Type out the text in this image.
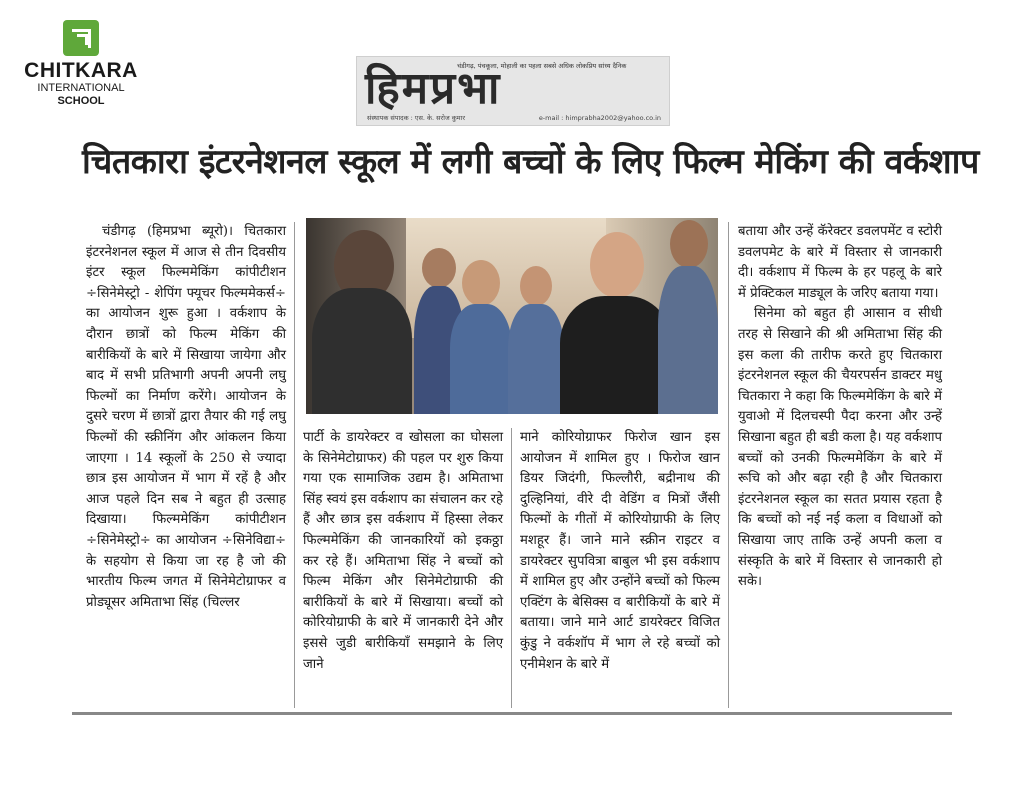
CHITKARA
INTERNATIONAL
SCHOOL
चंडीगढ़, पंचकूला, मोहाली का पहला सबसे अधिक लोकप्रिय सांध्य दैनिक
हिमप्रभा
संस्थापक संपादक : एस. के. सरोज कुमार	e-mail : himprabha2002@yahoo.co.in
चितकारा इंटरनेशनल स्कूल में लगी बच्चों के लिए फिल्म मेकिंग की वर्कशाप

चंडीगढ़ (हिमप्रभा ब्यूरो)। चितकारा इंटरनेशनल स्कूल में आज से तीन दिवसीय इंटर स्कूल फिल्ममेकिंग कांपीटीशन ÷सिनेमेस्ट्रो - शेपिंग फ्यूचर फिल्ममेकर्स÷ का आयोजन शुरू हुआ । वर्कशाप के दौरान छात्रों को फिल्म मेकिंग की बारीकियों के बारे में सिखाया जायेगा और बाद में सभी प्रतिभागी अपनी अपनी लघु फिल्मों का निर्माण करेंगे। आयोजन के दुसरे चरण में छात्रों द्वारा तैयार की गई लघु फिल्मों की स्क्रीनिंग और आंकलन किया जाएगा । 14 स्कूलों के 250 से ज्यादा छात्र इस आयोजन में भाग में रहें है और आज पहले दिन सब ने बहुत ही उत्साह दिखाया। फिल्ममेकिंग कांपीटीशन ÷सिनेमेस्ट्रो÷ का आयोजन ÷सिनेविद्या÷ के सहयोग से किया जा रह है जो की भारतीय फिल्म जगत में सिनेमेटोग्राफर व प्रोड्यूसर अमिताभा सिंह (चिल्लर

पार्टी के डायरेक्टर व खोसला का घोसला के सिनेमेटोग्राफर) की पहल पर शुरु किया गया एक सामाजिक उद्यम है। अमिताभा सिंह स्वयं इस वर्कशाप का संचालन कर रहे हैं और छात्र इस वर्कशाप में हिस्सा लेकर फिल्ममेकिंग की जानकारियों को इकठ्ठा कर रहे हैं। अमिताभा सिंह ने बच्चों को फिल्म मेकिंग और सिनेमेटोग्राफी की बारीकियों के बारे में सिखाया। बच्चों को कोरियोग्राफी के बारे में जानकारी देने और इससे जुडी बारीकियाँ समझाने के लिए जाने

माने कोरियोग्राफर फिरोज खान इस आयोजन में शामिल हुए । फिरोज खान डियर जिदंगी, फिल्लौरी, बद्रीनाथ की दुल्हिनियां, वीरे दी वेडिंग व मित्रों जैंसी फिल्मों के गीतों में कोरियोग्राफी के लिए मशहूर हैं। जाने माने स्क्रीन राइटर व डायरेक्टर सुपवित्रा बाबुल भी इस वर्कशाप में शामिल हुए और उन्होंने बच्चों को फिल्म एक्टिंग के बेसिक्स व बारीकियों के बारे में बताया। जाने माने आर्ट डायरेक्टर विजित कुंडु ने वर्कशॉप में भाग ले रहे बच्चों को एनीमेशन के बारे में

बताया और उन्हें कॅरेक्टर डवलपमेंट व स्टोरी डवलपमेट के बारे में विस्तार से जानकारी दी। वर्कशाप में फिल्म के हर पहलू के बारे में प्रेक्टिकल माड्यूल के जरिए बताया गया।

सिनेमा को बहुत ही आसान व सीधी तरह से सिखाने की श्री अमिताभा सिंह की इस कला की तारीफ करते हुए चितकारा इंटरनेशनल स्कूल की चैयरपर्सन डाक्टर मधु चितकारा ने कहा कि फिल्ममेकिंग के बारे में युवाओ में दिलचस्पी पैदा करना और उन्हें सिखाना बहुत ही बडी कला है। यह वर्कशाप बच्चों को उनकी फिल्ममेकिंग के बारे में रूचि को और बढ़ा रही है और चितकारा इंटरनेशनल स्कूल का सतत प्रयास रहता है कि बच्चों को नई नई कला व विधाओं को सिखाया जाए ताकि उन्हें अपनी कला व संस्कृति के बारे में विस्तार से जानकारी हो सके।
